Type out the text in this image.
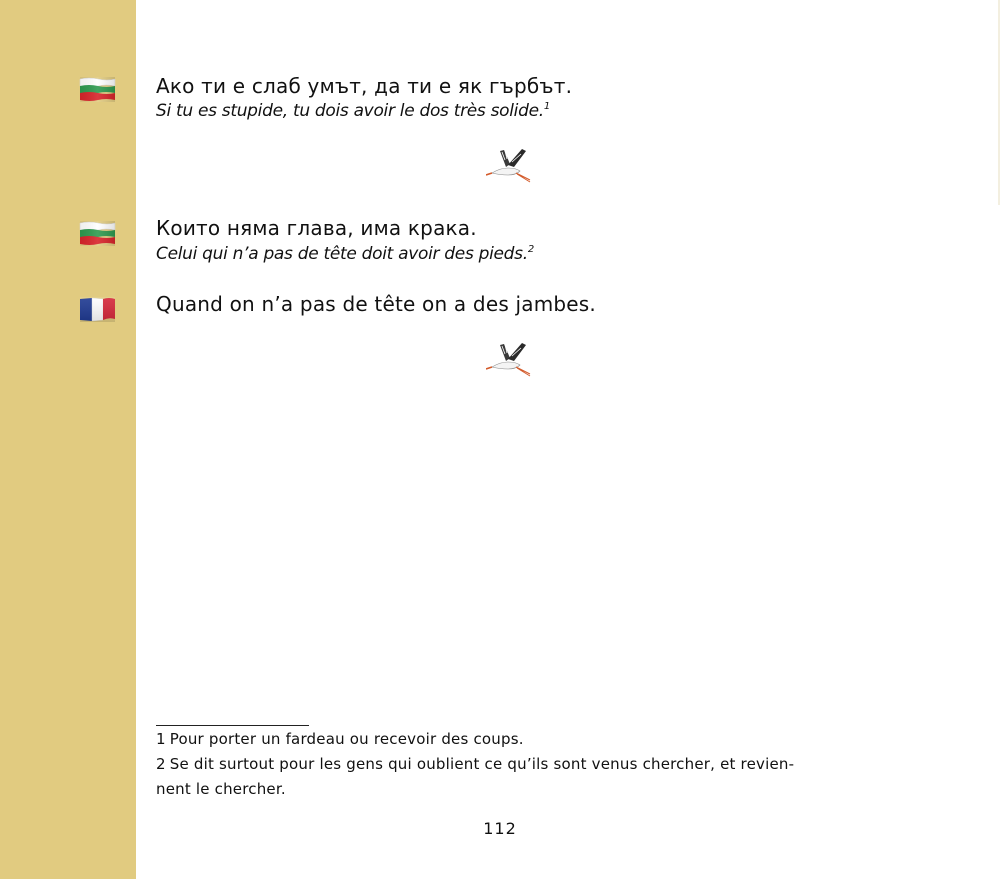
Ако ти е слаб умът, да ти е як гърбът.
Si tu es stupide, tu dois avoir le dos très solide.$^1$
Които няма глава, има крака.
Celui qui n’a pas de tête doit avoir des pieds.$^2$
Quand on n’a pas de tête on a des jambes.
1 Pour porter un fardeau ou recevoir des coups.
2 Se dit surtout pour les gens qui oublient ce qu’ils sont venus chercher, et revien-
nent le chercher.
112
